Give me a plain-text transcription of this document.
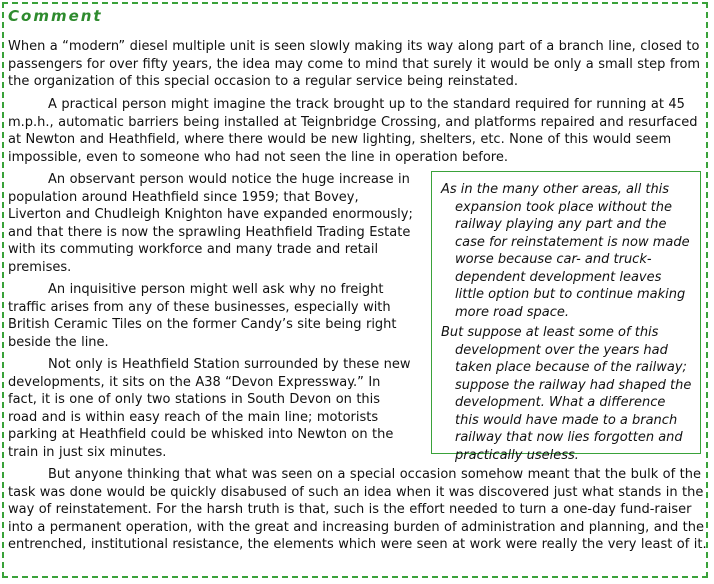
Comment

When a “modern” diesel multiple unit is seen slowly making its way along part of a branch line, closed to passengers for over fifty years, the idea may come to mind that surely it would be only a small step from the organization of this special occasion to a regular service being reinstated.

A practical person might imagine the track brought up to the standard required for running at 45 m.p.h., automatic barriers being installed at Teignbridge Crossing, and platforms repaired and resurfaced at Newton and Heathfield, where there would be new lighting, shelters, etc. None of this would seem impossible, even to someone who had not seen the line in operation before.

An observant person would notice the huge increase in population around Heathfield since 1959; that Bovey, Liverton and Chudleigh Knighton have expanded enormously; and that there is now the sprawling Heathfield Trading Estate with its commuting workforce and many trade and retail premises.

An inquisitive person might well ask why no freight traffic arises from any of these businesses, especially with British Ceramic Tiles on the former Candy’s site being right beside the line.

Not only is Heathfield Station surrounded by these new developments, it sits on the A38 “Devon Expressway.” In fact, it is one of only two stations in South Devon on this road and is within easy reach of the main line; motorists parking at Heathfield could be whisked into Newton on the train in just six minutes.

As in the many other areas, all this expansion took place without the railway playing any part and the case for reinstatement is now made worse because car- and truck-dependent development leaves little option but to continue making more road space.

But suppose at least some of this development over the years had taken place because of the railway; suppose the railway had shaped the development. What a difference this would have made to a branch railway that now lies forgotten and practically useless.

But anyone thinking that what was seen on a special occasion somehow meant that the bulk of the task was done would be quickly disabused of such an idea when it was discovered just what stands in the way of reinstatement. For the harsh truth is that, such is the effort needed to turn a one-day fund-raiser into a permanent operation, with the great and increasing burden of administration and planning, and the entrenched, institutional resistance, the elements which were seen at work were really the very least of it.
